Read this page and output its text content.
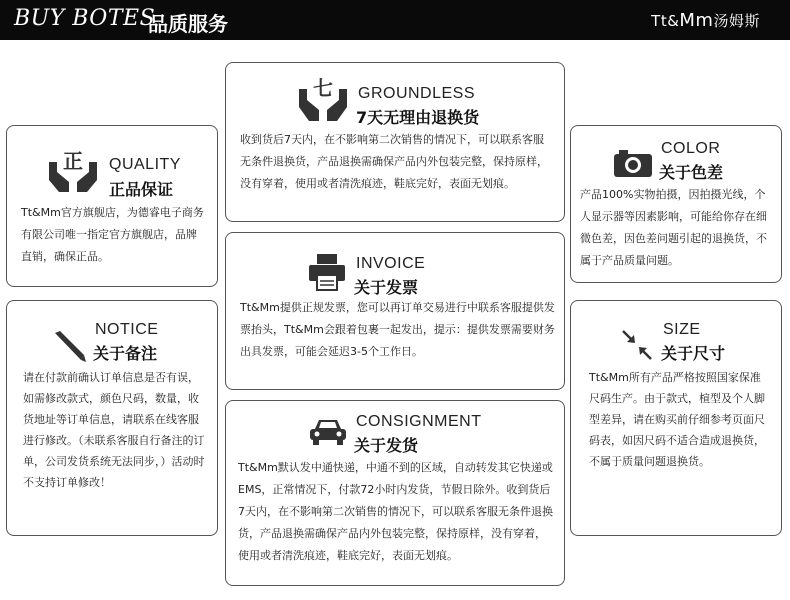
BUY BOTES
品质服务	Tt&Mm汤姆斯
正 QUALITY
正品保证
Tt&Mm官方旗舰店，为德睿电子商务有限公司唯一指定官方旗舰店，品牌直销，确保正品。
七 GROUNDLESS
7天无理由退换货
收到货后7天内，在不影响第二次销售的情况下，可以联系客服无条件退换货，产品退换需确保产品内外包装完整，保持原样，没有穿着，使用或者清洗痕迹，鞋底完好，表面无划痕。
COLOR
关于色差
产品100%实物拍摄，因拍摄光线，个人显示器等因素影响，可能给你存在细微色差，因色差问题引起的退换货，不属于产品质量问题。
INVOICE
关于发票
Tt&Mm提供正规发票，您可以再订单交易进行中联系客服提供发票抬头，Tt&Mm会跟着包裹一起发出，提示：提供发票需要财务出具发票，可能会延迟3-5个工作日。
NOTICE
关于备注
请在付款前确认订单信息是否有误，如需修改款式，颜色尺码，数量，收货地址等订单信息，请联系在线客服进行修改。（未联系客服自行备注的订单，公司发货系统无法同步，）活动时不支持订单修改！
SIZE
关于尺寸
Tt&Mm所有产品严格按照国家保准尺码生产。由于款式，楦型及个人脚型差异，请在购买前仔细参考页面尺码表，如因尺码不适合造成退换货，不属于质量问题退换货。
CONSIGNMENT
关于发货
Tt&Mm默认发中通快递，中通不到的区域，自动转发其它快递或EMS，正常情况下，付款72小时内发货，节假日除外。收到货后7天内，在不影响第二次销售的情况下，可以联系客服无条件退换货，产品退换需确保产品内外包装完整，保持原样，没有穿着，使用或者清洗痕迹，鞋底完好，表面无划痕。
